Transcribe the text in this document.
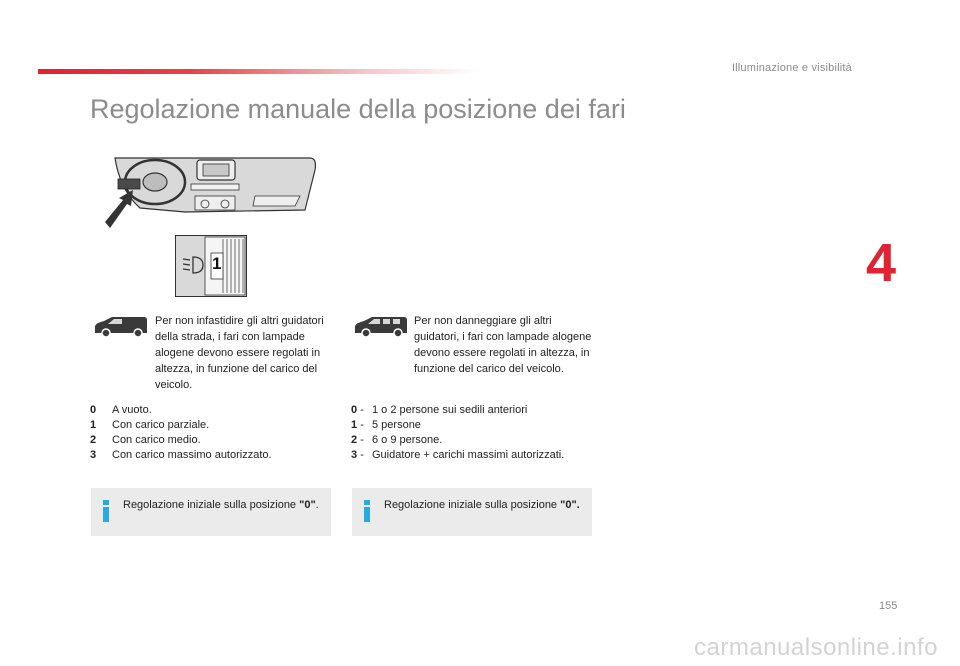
Illuminazione e visibilità
Regolazione manuale della posizione dei fari
4
1
Per non infastidire gli altri guidatori della strada, i fari con lampade alogene devono essere regolati in altezza, in funzione del carico del veicolo.
0	A vuoto.
1	Con carico parziale.
2	Con carico medio.
3	Con carico massimo autorizzato.
Regolazione iniziale sulla posizione "0".
Per non danneggiare gli altri guidatori, i fari con lampade alogene devono essere regolati in altezza, in funzione del carico del veicolo.
0 - 1 o 2 persone sui sedili anteriori
1 - 5 persone
2 - 6 o 9 persone.
3 - Guidatore + carichi massimi autorizzati.
Regolazione iniziale sulla posizione "0".
155
carmanualsonline.info
